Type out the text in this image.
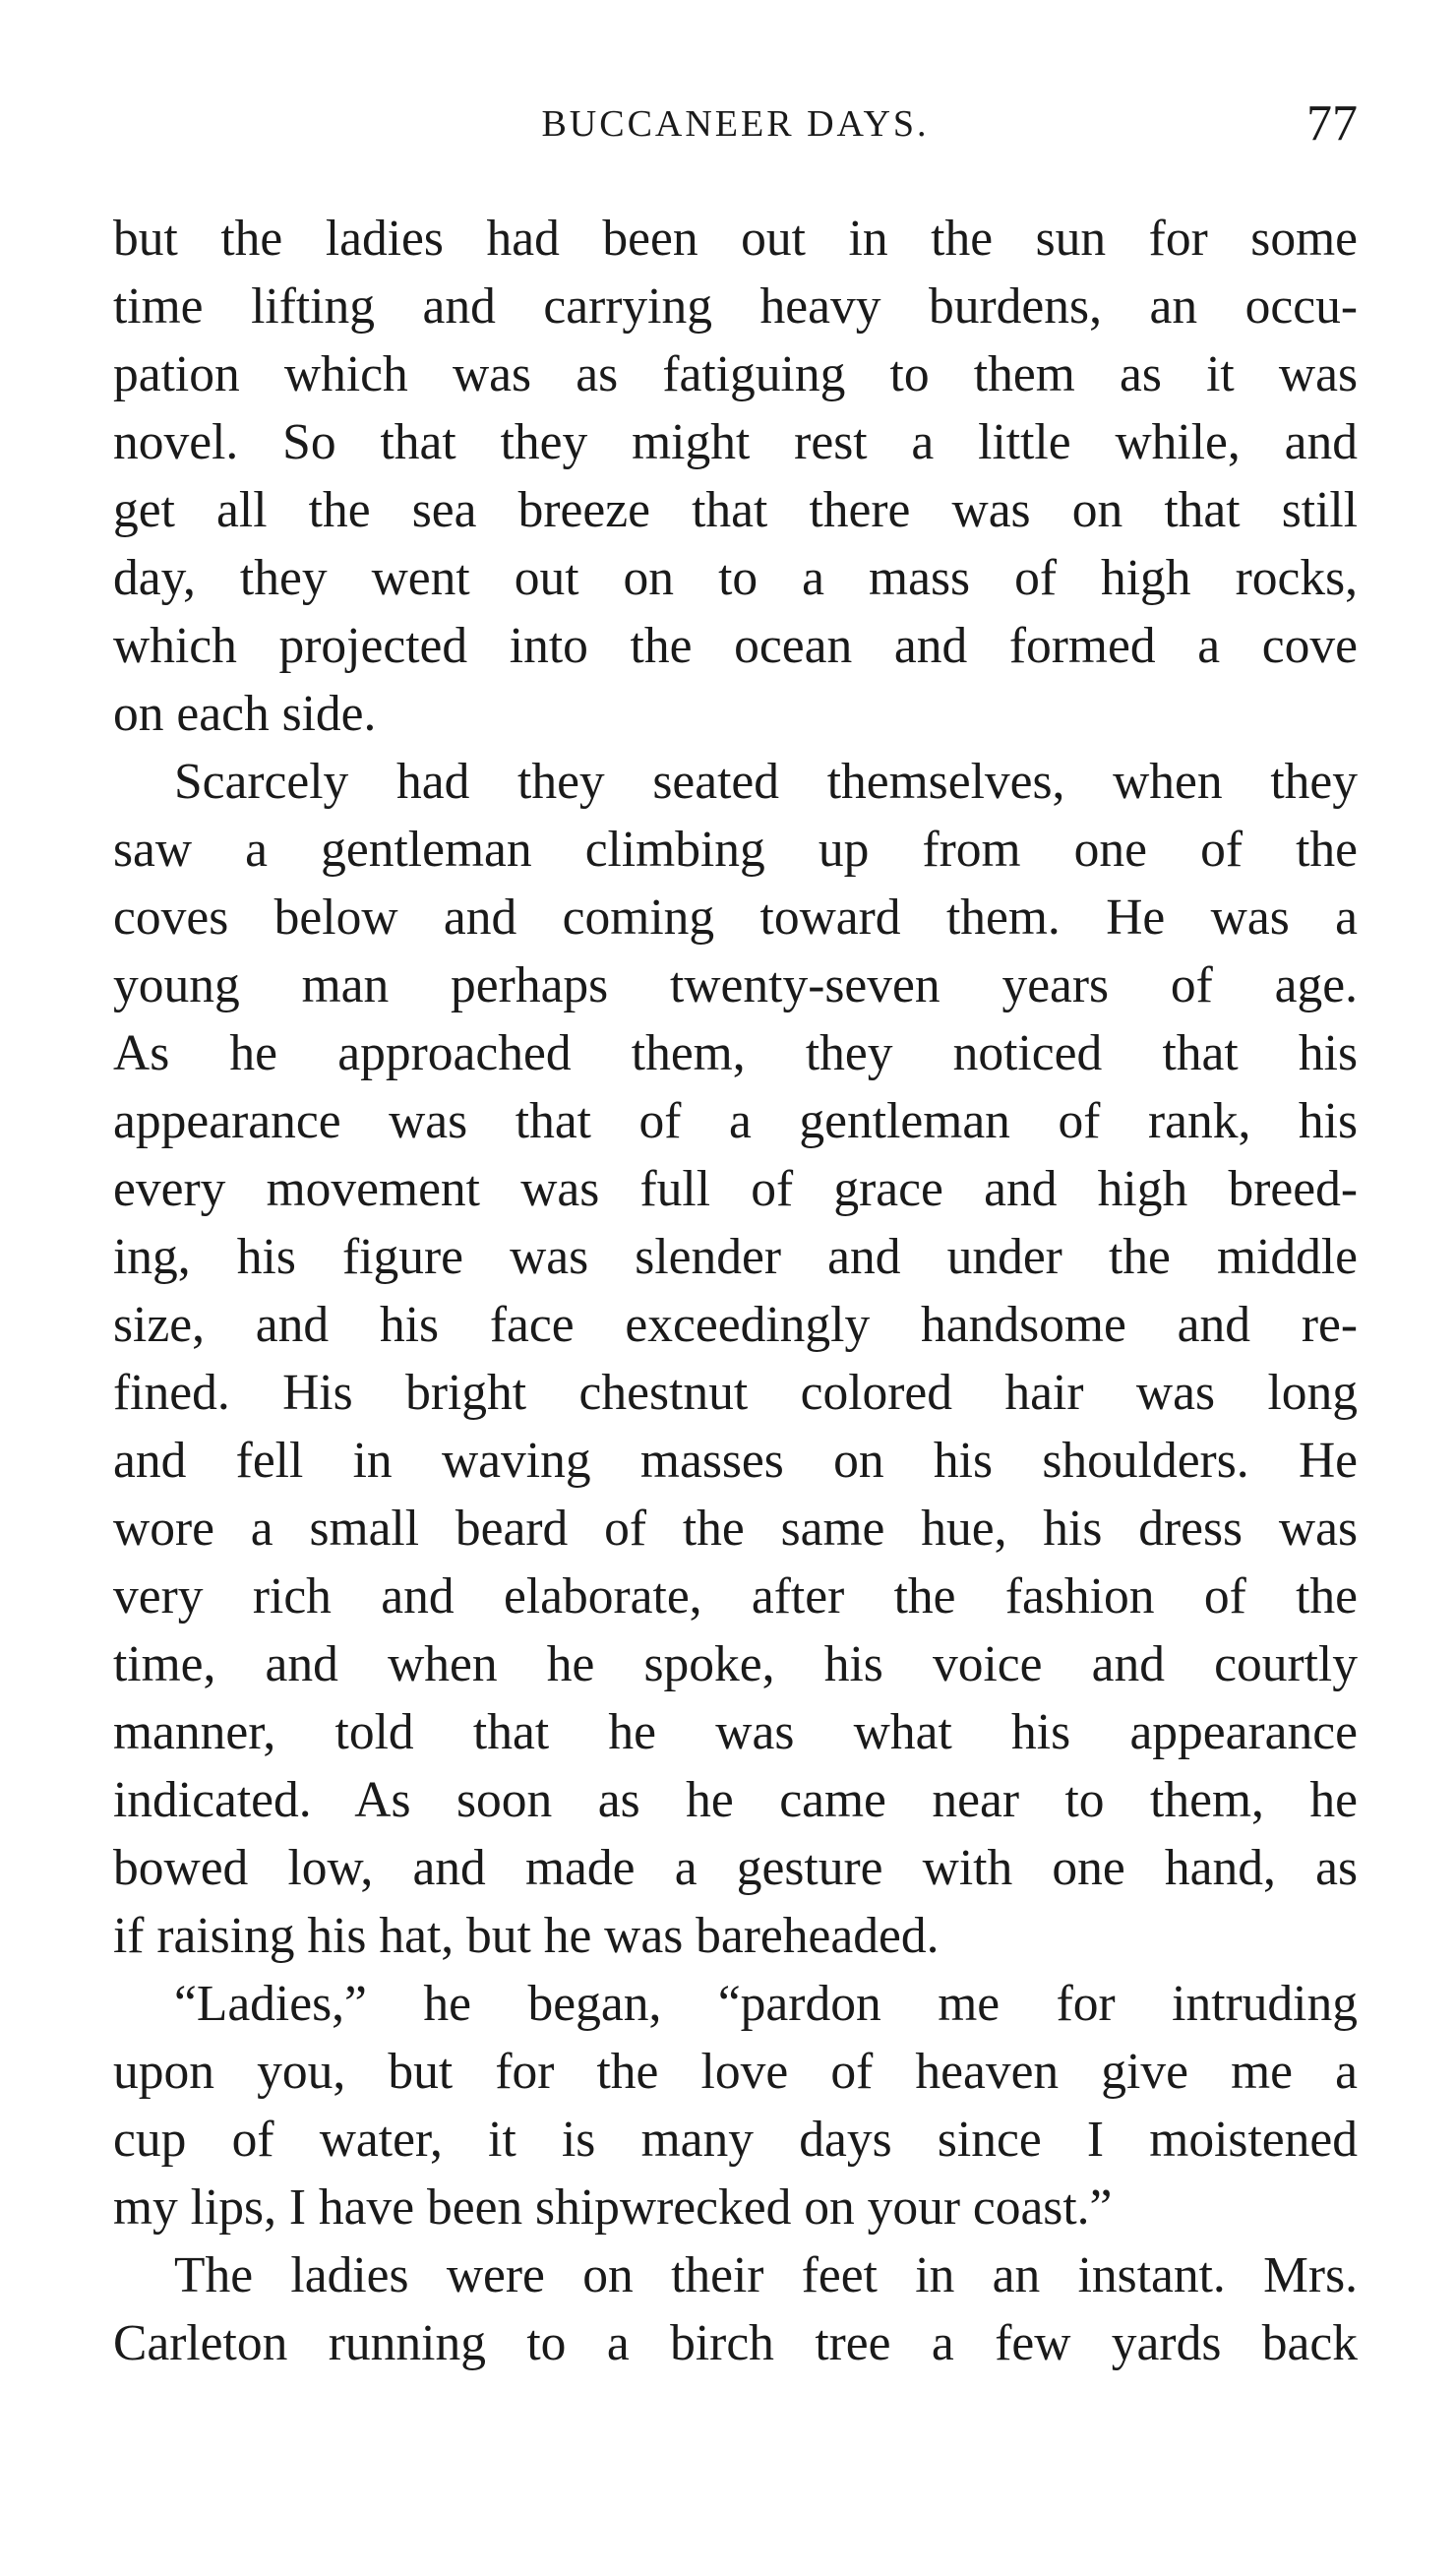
BUCCANEER DAYS.	77
but the ladies had been out in the sun for some
time lifting and carrying heavy burdens, an occu-
pation which was as fatiguing to them as it was
novel. So that they might rest a little while, and
get all the sea breeze that there was on that still
day, they went out on to a mass of high rocks,
which projected into the ocean and formed a cove
on each side.
Scarcely had they seated themselves, when they
saw a gentleman climbing up from one of the
coves below and coming toward them. He was a
young man perhaps twenty-seven years of age.
As he approached them, they noticed that his
appearance was that of a gentleman of rank, his
every movement was full of grace and high breed-
ing, his figure was slender and under the middle
size, and his face exceedingly handsome and re-
fined. His bright chestnut colored hair was long
and fell in waving masses on his shoulders. He
wore a small beard of the same hue, his dress was
very rich and elaborate, after the fashion of the
time, and when he spoke, his voice and courtly
manner, told that he was what his appearance
indicated. As soon as he came near to them, he
bowed low, and made a gesture with one hand, as
if raising his hat, but he was bareheaded.
“Ladies,” he began, “pardon me for intruding
upon you, but for the love of heaven give me a
cup of water, it is many days since I moistened
my lips, I have been shipwrecked on your coast.”
The ladies were on their feet in an instant. Mrs.
Carleton running to a birch tree a few yards back
